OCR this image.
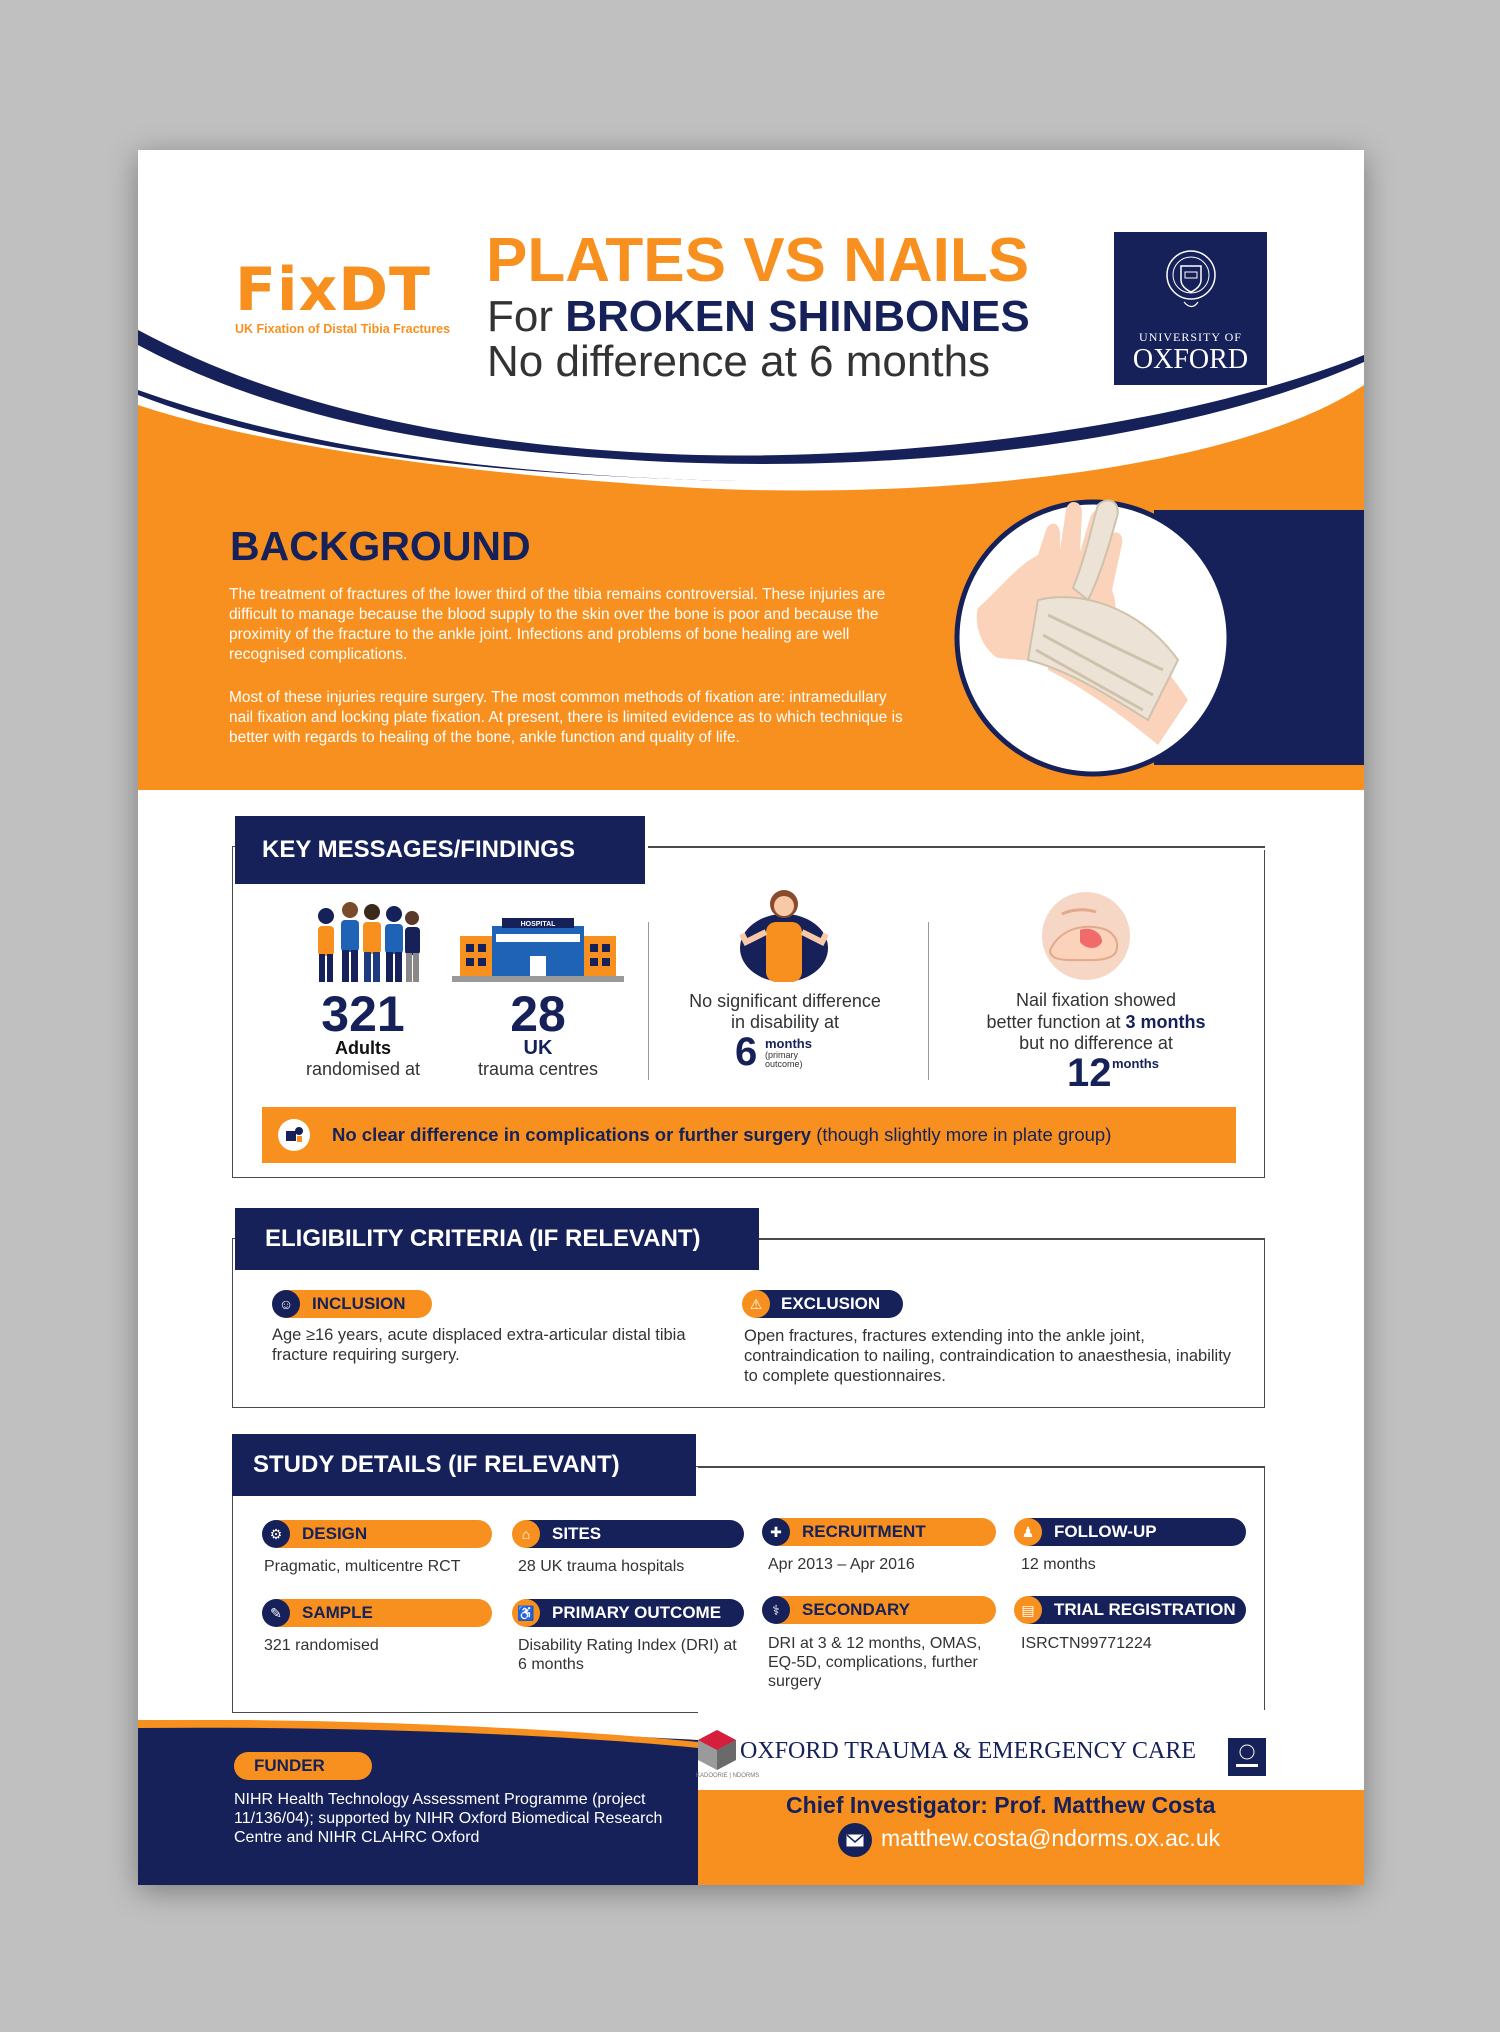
FixDT
UK Fixation of Distal Tibia Fractures
PLATES VS NAILS
For BROKEN SHINBONES
No difference at 6 months	UNIVERSITY OF
OXFORD
BACKGROUND
The treatment of fractures of the lower third of the tibia remains controversial. These injuries are difficult to manage because the blood supply to the skin over the bone is poor and because the proximity of the fracture to the ankle joint. Infections and problems of bone healing are well recognised complications.
Most of these injuries require surgery. The most common methods of fixation are: intramedullary nail fixation and locking plate fixation. At present, there is limited evidence as to which technique is better with regards to healing of the bone, ankle function and quality of life.
KEY MESSAGES/FINDINGS
321
Adults
randomised at
HOSPITAL
28
UK
trauma centres
No significant difference
in disability at
6 months
(primary outcome)
Nail fixation showed
better function at 3 months
but no difference at
12 months
No clear difference in complications or further surgery (though slightly more in plate group)
ELIGIBILITY CRITERIA (IF RELEVANT)
INCLUSION
☺
Age ≥16 years, acute displaced extra-articular distal tibia fracture requiring surgery.
EXCLUSION
⚠
Open fractures, fractures extending into the ankle joint, contraindication to nailing, contraindication to anaesthesia, inability to complete questionnaires.
STUDY DETAILS (IF RELEVANT)
DESIGN
⚙
Pragmatic, multicentre RCT
SITES
⌂
28 UK trauma hospitals
RECRUITMENT
✚
Apr 2013 – Apr 2016
FOLLOW-UP
♟
12 months
SAMPLE
✎
321 randomised
PRIMARY OUTCOME
♿
Disability Rating Index (DRI) at 6 months
SECONDARY
⚕
DRI at 3 & 12 months, OMAS, EQ-5D, complications, further surgery
TRIAL REGISTRATION
▤
ISRCTN99771224
FUNDER
NIHR Health Technology Assessment Programme (project 11/136/04); supported by NIHR Oxford Biomedical Research Centre and NIHR CLAHRC Oxford
OXFORD TRAUMA & EMERGENCY CARE
KADOORIE | NDORMS
Chief Investigator: Prof. Matthew Costa
matthew.costa@ndorms.ox.ac.uk
